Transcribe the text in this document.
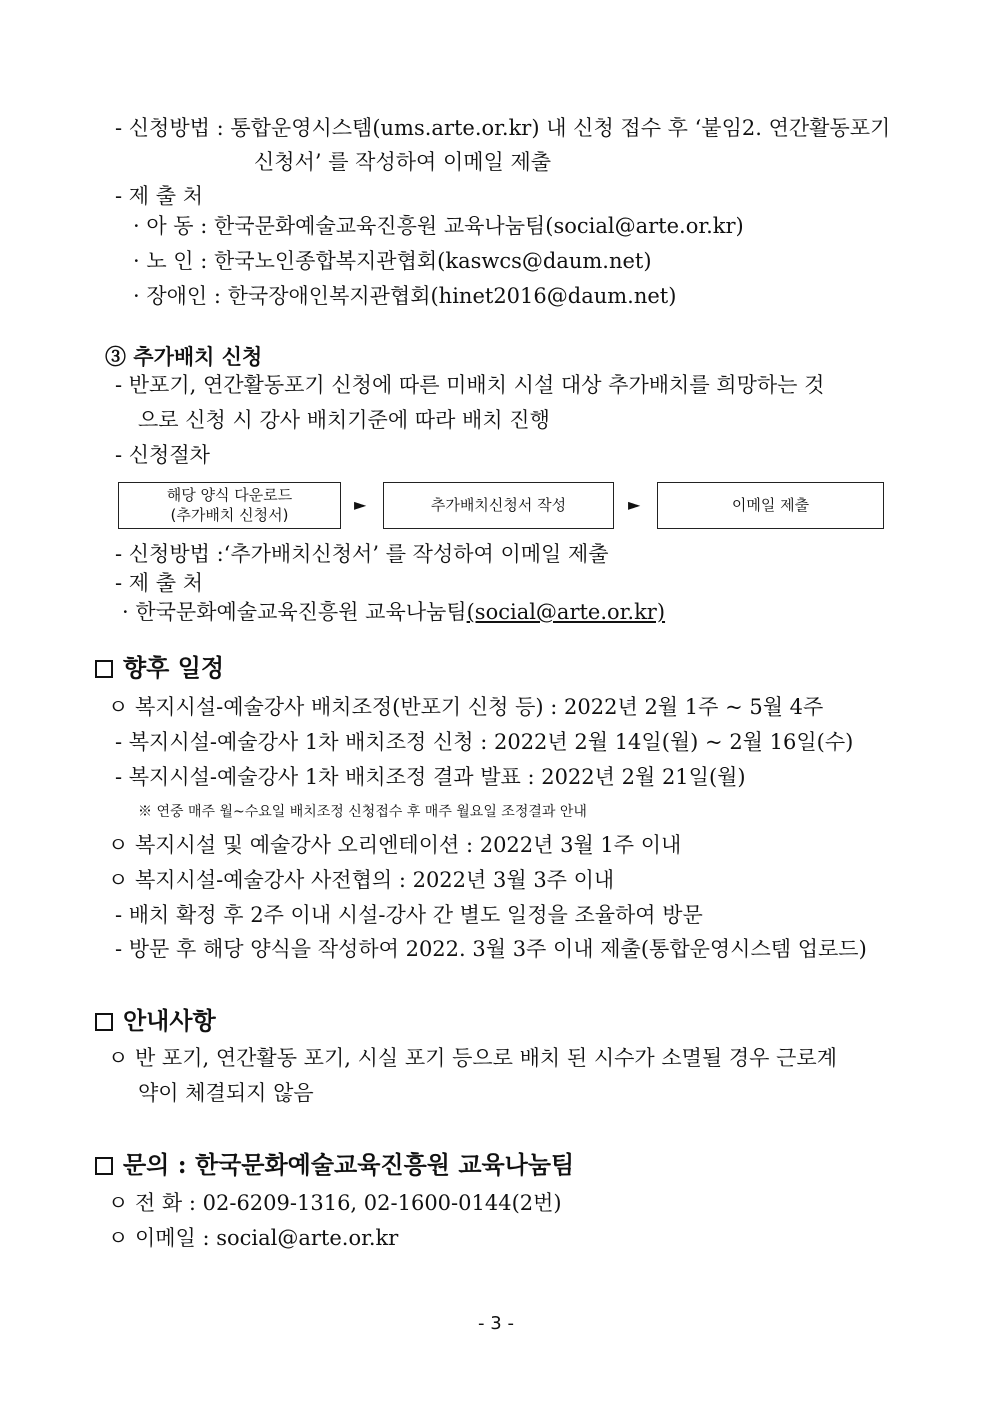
- 신청방법 : 통합운영시스템(ums.arte.or.kr) 내 신청 접수 후 ‘붙임2. 연간활동포기
신청서’ 를 작성하여 이메일 제출
- 제 출 처
· 아 동 : 한국문화예술교육진흥원 교육나눔팀(social@arte.or.kr)
· 노 인 : 한국노인종합복지관협회(kaswcs@daum.net)
· 장애인 : 한국장애인복지관협회(hinet2016@daum.net)
③ 추가배치 신청
- 반포기, 연간활동포기 신청에 따른 미배치 시설 대상 추가배치를 희망하는 것
으로 신청 시 강사 배치기준에 따라 배치 진행
- 신청절차
해당 양식 다운로드
(추가배치 신청서)
►	추가배치신청서 작성	►	이메일 제출
- 신청방법 :‘추가배치신청서’ 를 작성하여 이메일 제출
- 제 출 처
· 한국문화예술교육진흥원 교육나눔팀(social@arte.or.kr)
향후 일정
ㅇ 복지시설-예술강사 배치조정(반포기 신청 등) : 2022년 2월 1주 ~ 5월 4주
- 복지시설-예술강사 1차 배치조정 신청 : 2022년 2월 14일(월) ~ 2월 16일(수)
- 복지시설-예술강사 1차 배치조정 결과 발표 : 2022년 2월 21일(월)
※ 연중 매주 월~수요일 배치조정 신청접수 후 매주 월요일 조정결과 안내
ㅇ 복지시설 및 예술강사 오리엔테이션 : 2022년 3월 1주 이내
ㅇ 복지시설-예술강사 사전협의 : 2022년 3월 3주 이내
- 배치 확정 후 2주 이내 시설-강사 간 별도 일정을 조율하여 방문
- 방문 후 해당 양식을 작성하여 2022. 3월 3주 이내 제출(통합운영시스템 업로드)
안내사항
ㅇ 반 포기, 연간활동 포기, 시실 포기 등으로 배치 된 시수가 소멸될 경우 근로계
약이 체결되지 않음
문의 : 한국문화예술교육진흥원 교육나눔팀
ㅇ 전 화 : 02-6209-1316, 02-1600-0144(2번)
ㅇ 이메일 : social@arte.or.kr
- 3 -
